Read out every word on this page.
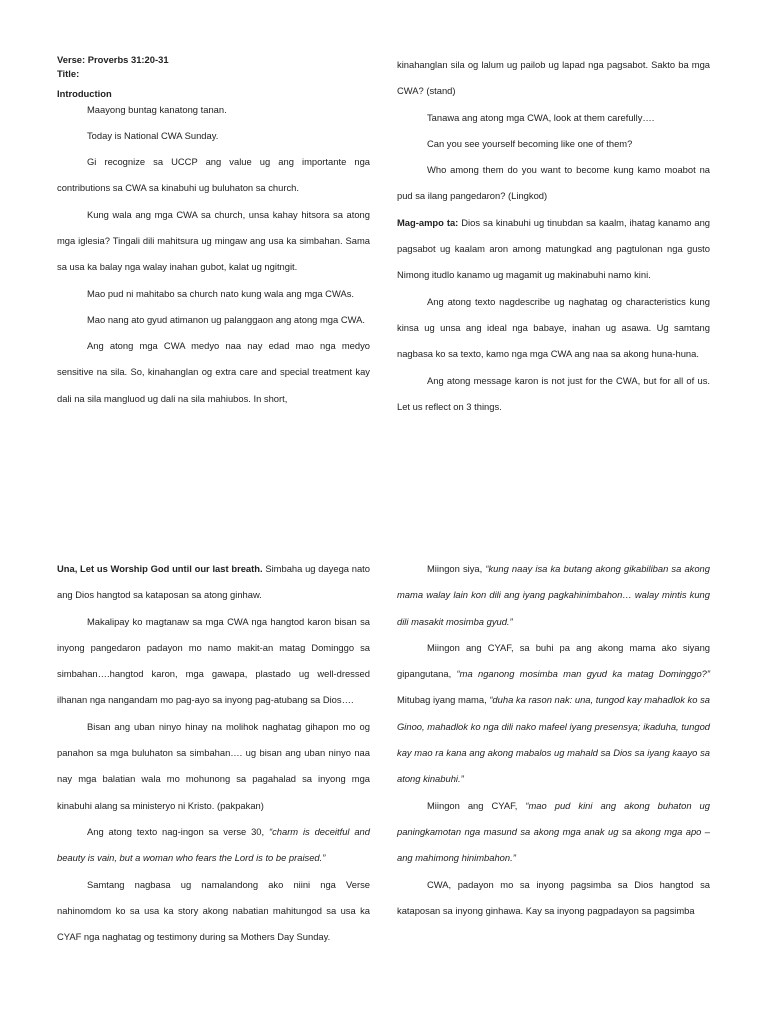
Verse: Proverbs 31:20-31

Title:

Introduction

Maayong buntag kanatong tanan.

Today is National CWA Sunday.

Gi recognize sa UCCP ang value ug ang importante nga contributions sa CWA sa kinabuhi ug buluhaton sa church.

Kung wala ang mga CWA sa church, unsa kahay hitsora sa atong mga iglesia? Tingali dili mahitsura ug mingaw ang usa ka simbahan. Sama sa usa ka balay nga walay inahan gubot, kalat ug ngitngit.

Mao pud ni mahitabo sa church nato kung wala ang mga CWAs.

Mao nang ato gyud atimanon ug palanggaon ang atong mga CWA.

Ang atong mga CWA medyo naa nay edad mao nga medyo sensitive na sila. So, kinahanglan og extra care and special treatment kay dali na sila mangluod ug dali na sila mahiubos. In short,

kinahanglan sila og lalum ug pailob ug lapad nga pagsabot. Sakto ba mga CWA? (stand)

Tanawa ang atong mga CWA, look at them carefully….

Can you see yourself becoming like one of them?

Who among them do you want to become kung kamo moabot na pud sa ilang pangedaron? (Lingkod)

Mag-ampo ta: Dios sa kinabuhi ug tinubdan sa kaalm, ihatag kanamo ang pagsabot ug kaalam aron among matungkad ang pagtulonan nga gusto Nimong itudlo kanamo ug magamit ug makinabuhi namo kini.

Ang atong texto nagdescribe ug naghatag og characteristics kung kinsa ug unsa ang ideal nga babaye, inahan ug asawa. Ug samtang nagbasa ko sa texto, kamo nga mga CWA ang naa sa akong huna-huna.

Ang atong message karon is not just for the CWA, but for all of us. Let us reflect on 3 things.

Una, Let us Worship God until our last breath. Simbaha ug dayega nato ang Dios hangtod sa kataposan sa atong ginhaw.

Makalipay ko magtanaw sa mga CWA nga hangtod karon bisan sa inyong pangedaron padayon mo namo makit-an matag Dominggo sa simbahan….hangtod karon, mga gawapa, plastado ug well-dressed ilhanan nga nangandam mo pag-ayo sa inyong pag-atubang sa Dios….

Bisan ang uban ninyo hinay na molihok naghatag gihapon mo og panahon sa mga buluhaton sa simbahan…. ug bisan ang uban ninyo naa nay mga balatian wala mo mohunong sa pagahalad sa inyong mga kinabuhi alang sa ministeryo ni Kristo. (pakpakan)

Ang atong texto nag-ingon sa verse 30, “charm is deceitful and beauty is vain, but a woman who fears the Lord is to be praised.”

Samtang nagbasa ug namalandong ako niini nga Verse nahinomdom ko sa usa ka story akong nabatian mahitungod sa usa ka CYAF nga naghatag og testimony during sa Mothers Day Sunday.

Miingon siya, “kung naay isa ka butang akong gikabiliban sa akong mama walay lain kon dili ang iyang pagkahinimbahon… walay mintis kung dili masakit mosimba gyud.”

Miingon ang CYAF, sa buhi pa ang akong mama ako siyang gipangutana, “ma nganong mosimba man gyud ka matag Dominggo?” Mitubag iyang mama, “duha ka rason nak: una, tungod kay mahadlok ko sa Ginoo, mahadlok ko nga dili nako mafeel iyang presensya; ikaduha, tungod kay mao ra kana ang akong mabalos ug mahald sa Dios sa iyang kaayo sa atong kinabuhi.”

Miingon ang CYAF, “mao pud kini ang akong buhaton ug paningkamotan nga masund sa akong mga anak ug sa akong mga apo – ang mahimong hinimbahon.”

CWA, padayon mo sa inyong pagsimba sa Dios hangtod sa kataposan sa inyong ginhawa. Kay sa inyong pagpadayon sa pagsimba
